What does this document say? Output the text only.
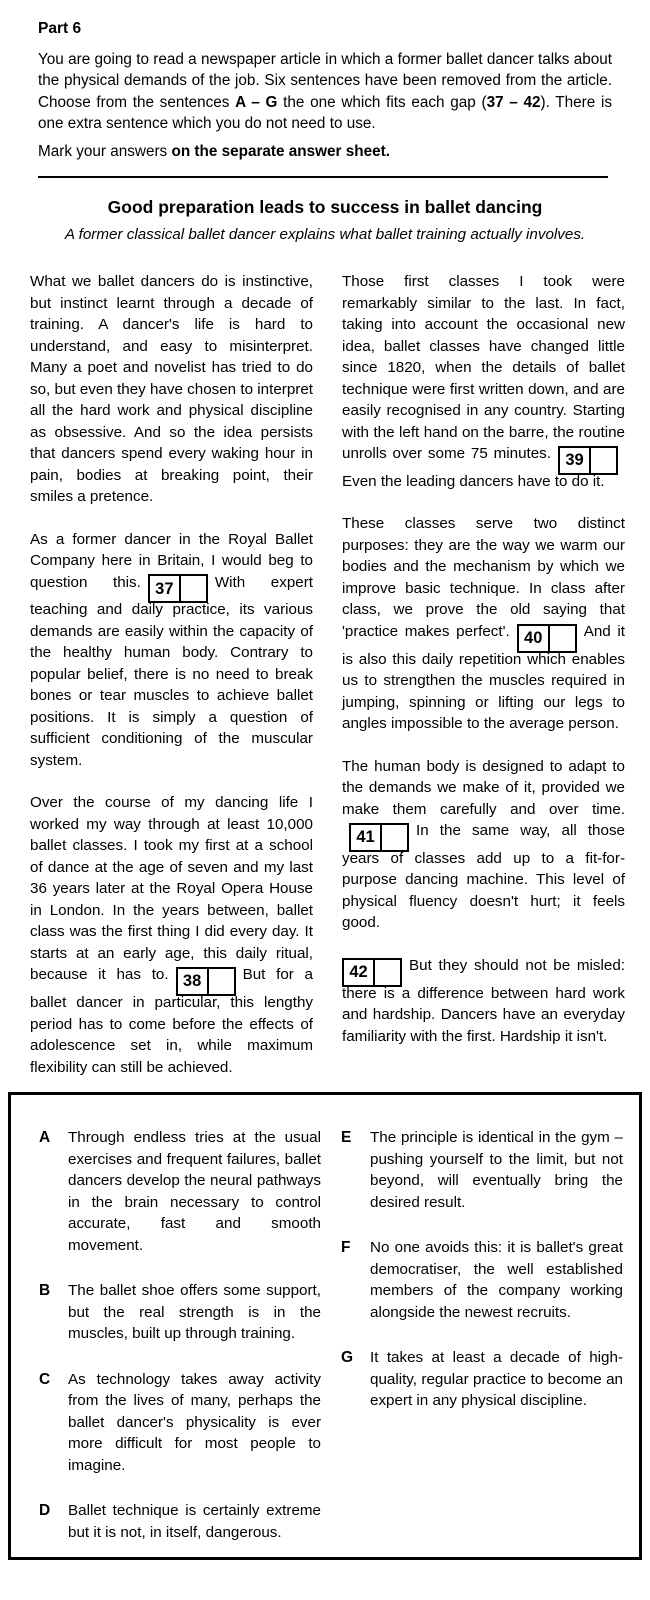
Part 6

You are going to read a newspaper article in which a former ballet dancer talks about the physical demands of the job. Six sentences have been removed from the article. Choose from the sentences A – G the one which fits each gap (37 – 42). There is one extra sentence which you do not need to use.

Mark your answers on the separate answer sheet.

Good preparation leads to success in ballet dancing
A former classical ballet dancer explains what ballet training actually involves.

What we ballet dancers do is instinctive, but instinct learnt through a decade of training. A dancer's life is hard to understand, and easy to misinterpret. Many a poet and novelist has tried to do so, but even they have chosen to interpret all the hard work and physical discipline as obsessive. And so the idea persists that dancers spend every waking hour in pain, bodies at breaking point, their smiles a pretence.

As a former dancer in the Royal Ballet Company here in Britain, I would beg to question this. 37	With expert teaching and daily practice, its various demands are easily within the capacity of the healthy human body. Contrary to popular belief, there is no need to break bones or tear muscles to achieve ballet positions. It is simply a question of sufficient conditioning of the muscular system.

Over the course of my dancing life I worked my way through at least 10,000 ballet classes. I took my first at a school of dance at the age of seven and my last 36 years later at the Royal Opera House in London. In the years between, ballet class was the first thing I did every day. It starts at an early age, this daily ritual, because it has to. 38	But for a ballet dancer in particular, this lengthy period has to come before the effects of adolescence set in, while maximum flexibility can still be achieved.

Those first classes I took were remarkably similar to the last. In fact, taking into account the occasional new idea, ballet classes have changed little since 1820, when the details of ballet technique were first written down, and are easily recognised in any country. Starting with the left hand on the barre, the routine unrolls over some 75 minutes. 39
Even the leading dancers have to do it.

These classes serve two distinct purposes: they are the way we warm our bodies and the mechanism by which we improve basic technique. In class after class, we prove the old saying that 'practice makes perfect'. 40	And it is also this daily repetition which enables us to strengthen the muscles required in jumping, spinning or lifting our legs to angles impossible to the average person.

The human body is designed to adapt to the demands we make of it, provided we make them carefully and over time.
41	In the same way, all those years of classes add up to a fit-for-purpose dancing machine. This level of physical fluency doesn't hurt; it feels good.

42	But they should not be misled: there is a difference between hard work and hardship. Dancers have an everyday familiarity with the first. Hardship it isn't.

A	Through endless tries at the usual exercises and frequent failures, ballet dancers develop the neural pathways in the brain necessary to control accurate, fast and smooth movement.
B	The ballet shoe offers some support, but the real strength is in the muscles, built up through training.
C	As technology takes away activity from the lives of many, perhaps the ballet dancer's physicality is ever more difficult for most people to imagine.
D	Ballet technique is certainly extreme but it is not, in itself, dangerous.
E	The principle is identical in the gym – pushing yourself to the limit, but not beyond, will eventually bring the desired result.
F	No one avoids this: it is ballet's great democratiser, the well established members of the company working alongside the newest recruits.
G	It takes at least a decade of high-quality, regular practice to become an expert in any physical discipline.
